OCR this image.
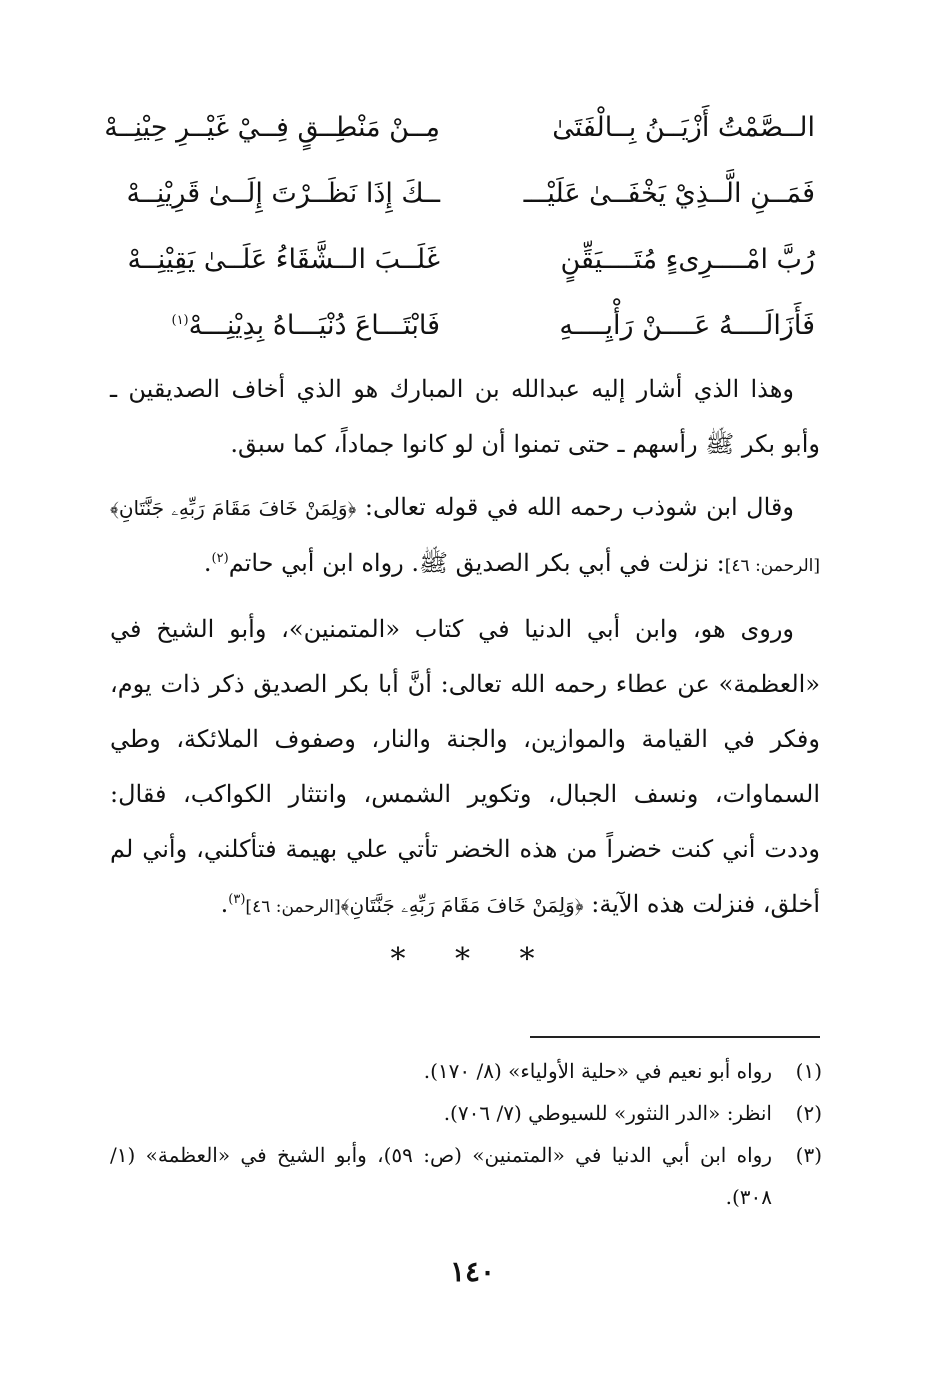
الــصَّمْتُ أَزْيَــنُ بِــالْفَتَىٰ
مِــنْ مَنْطِــقٍ فِــيْ غَيْــرِ حِيْنِــهْ
فَمَــنِ الَّــذِيْ يَخْفَــىٰ عَلَيْـــ
ــكَ إِذَا نَظَــرْتَ إِلَــىٰ قَرِيْنِــهْ
رُبَّ امْــــرِىءٍ مُتَــــيَقِّنٍ
غَلَــبَ الــشَّقَاءُ عَلَــىٰ يَقِيْنِــهْ
فَأَزَالَــــهُ عَــــنْ رَأْيِــــهِ
فَابْتَـــاعَ دُنْيَـــاهُ بِدِيْنِـــهْ$^{(١)}$

وهذا الذي أشار إليه عبدالله بن المبارك هو الذي أخاف الصديقين ـ وأبو بكر ﷺ رأسهم ـ حتى تمنوا أن لو كانوا جماداً، كما سبق.

وقال ابن شوذب رحمه الله في قوله تعالى: ﴿وَلِمَنْ خَافَ مَقَامَ رَبِّهِۦ جَنَّتَانِ﴾[الرحمن: ٤٦]: نزلت في أبي بكر الصديق ﷺ. رواه ابن أبي حاتم$^{(٢)}$.

وروى هو، وابن أبي الدنيا في كتاب «المتمنين»، وأبو الشيخ في «العظمة» عن عطاء رحمه الله تعالى: أنَّ أبا بكر الصديق ذكر ذات يوم، وفكر في القيامة والموازين، والجنة والنار، وصفوف الملائكة، وطي السماوات، ونسف الجبال، وتكوير الشمس، وانتثار الكواكب، فقال: وددت أني كنت خضراً من هذه الخضر تأتي علي بهيمة فتأكلني، وأني لم أخلق، فنزلت هذه الآية: ﴿وَلِمَنْ خَافَ مَقَامَ رَبِّهِۦ جَنَّتَانِ﴾[الرحمن: ٤٦]$^{(٣)}$.

* * *
(١)
رواه أبو نعيم في «حلية الأولياء» (٨/ ١٧٠).
(٢)
انظر: «الدر النثور» للسيوطي (٧/ ٧٠٦).
(٣)
رواه ابن أبي الدنيا في «المتمنين» (ص: ٥٩)، وأبو الشيخ في «العظمة» (١/ ٣٠٨).
١٤٠
